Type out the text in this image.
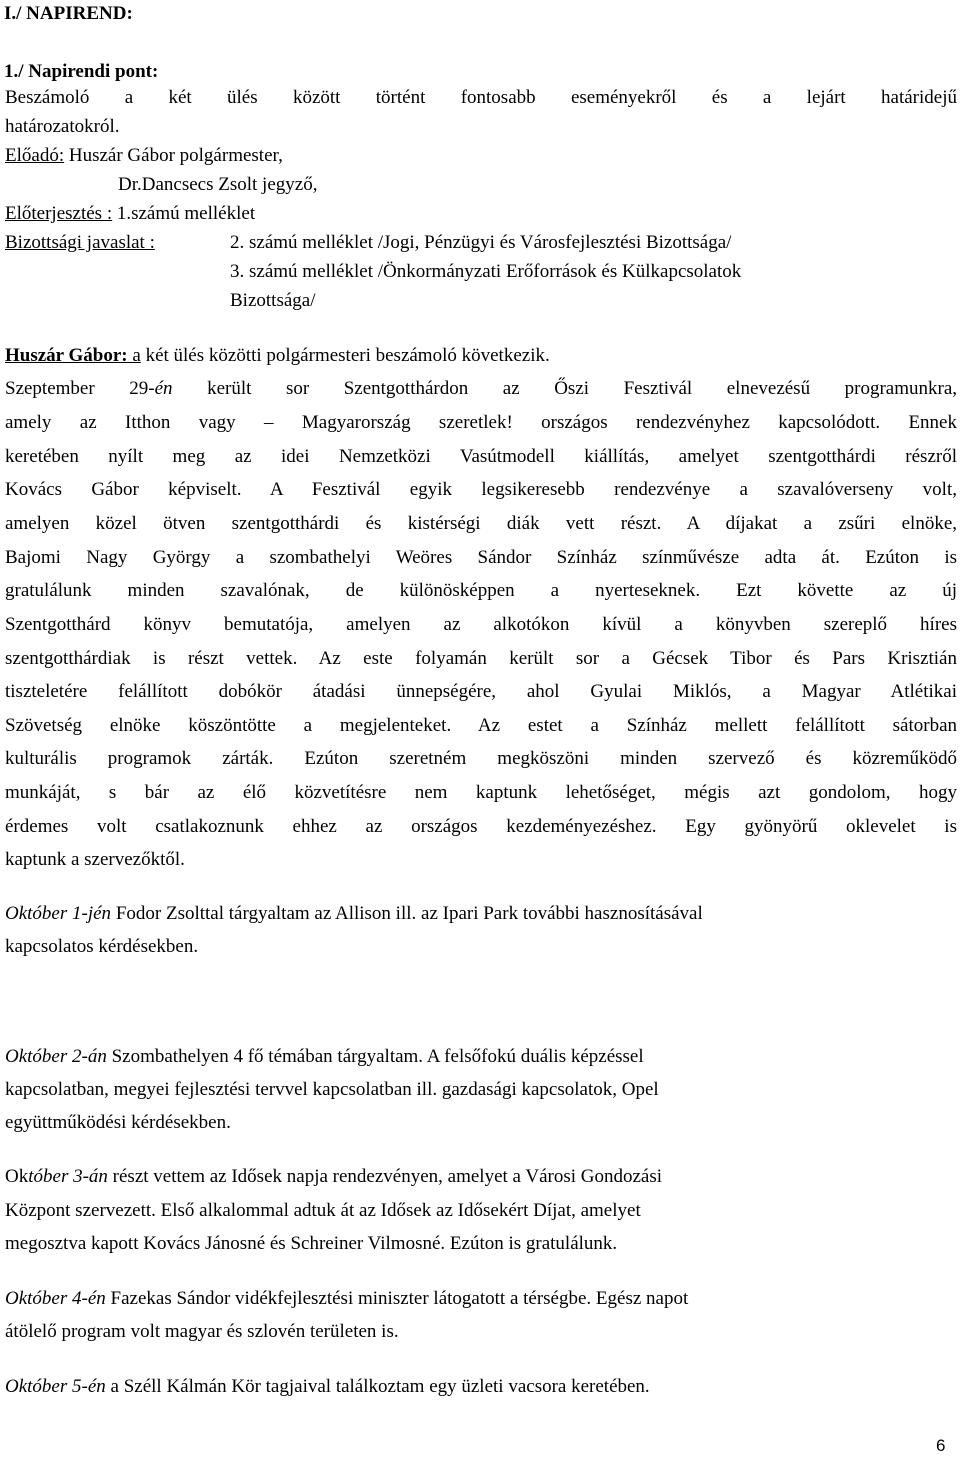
I./ NAPIREND:
1./ Napirendi pont:
Beszámoló a két ülés között történt fontosabb eseményekről és a lejárt határidejű
határozatokról.
Előadó: Huszár Gábor polgármester,
Dr.Dancsecs Zsolt jegyző,
Előterjesztés : 1.számú melléklet
Bizottsági javaslat :	2. számú melléklet /Jogi, Pénzügyi és Városfejlesztési Bizottsága/
3. számú melléklet /Önkormányzati Erőforrások és Külkapcsolatok
Bizottsága/
Huszár Gábor: a két ülés közötti polgármesteri beszámoló következik.
Szeptember 29-én került sor Szentgotthárdon az Őszi Fesztivál elnevezésű programunkra,
amely az Itthon vagy – Magyarország szeretlek! országos rendezvényhez kapcsolódott. Ennek
keretében nyílt meg az idei Nemzetközi Vasútmodell kiállítás, amelyet szentgotthárdi részről
Kovács Gábor képviselt. A Fesztivál egyik legsikeresebb rendezvénye a szavalóverseny volt,
amelyen közel ötven szentgotthárdi és kistérségi diák vett részt. A díjakat a zsűri elnöke,
Bajomi Nagy György a szombathelyi Weöres Sándor Színház színművésze adta át. Ezúton is
gratulálunk minden szavalónak, de különösképpen a nyerteseknek. Ezt követte az új
Szentgotthárd könyv bemutatója, amelyen az alkotókon kívül a könyvben szereplő híres
szentgotthárdiak is részt vettek. Az este folyamán került sor a Gécsek Tibor és Pars Krisztián
tiszteletére felállított dobókör átadási ünnepségére, ahol Gyulai Miklós, a Magyar Atlétikai
Szövetség elnöke köszöntötte a megjelenteket. Az estet a Színház mellett felállított sátorban
kulturális programok zárták. Ezúton szeretném megköszöni minden szervező és közreműködő
munkáját, s bár az élő közvetítésre nem kaptunk lehetőséget, mégis azt gondolom, hogy
érdemes volt csatlakoznunk ehhez az országos kezdeményezéshez. Egy gyönyörű oklevelet is
kaptunk a szervezőktől.
Október 1-jén Fodor Zsolttal tárgyaltam az Allison ill. az Ipari Park további hasznosításával
kapcsolatos kérdésekben.
Október 2-án Szombathelyen 4 fő témában tárgyaltam. A felsőfokú duális képzéssel
kapcsolatban, megyei fejlesztési tervvel kapcsolatban ill. gazdasági kapcsolatok, Opel
együttműködési kérdésekben.
Október 3-án részt vettem az Idősek napja rendezvényen, amelyet a Városi Gondozási
Központ szervezett. Első alkalommal adtuk át az Idősek az Idősekért Díjat, amelyet
megosztva kapott Kovács Jánosné és Schreiner Vilmosné. Ezúton is gratulálunk.
Október 4-én Fazekas Sándor vidékfejlesztési miniszter látogatott a térségbe. Egész napot
átölelő program volt magyar és szlovén területen is.
Október 5-én a Széll Kálmán Kör tagjaival találkoztam egy üzleti vacsora keretében.
6
